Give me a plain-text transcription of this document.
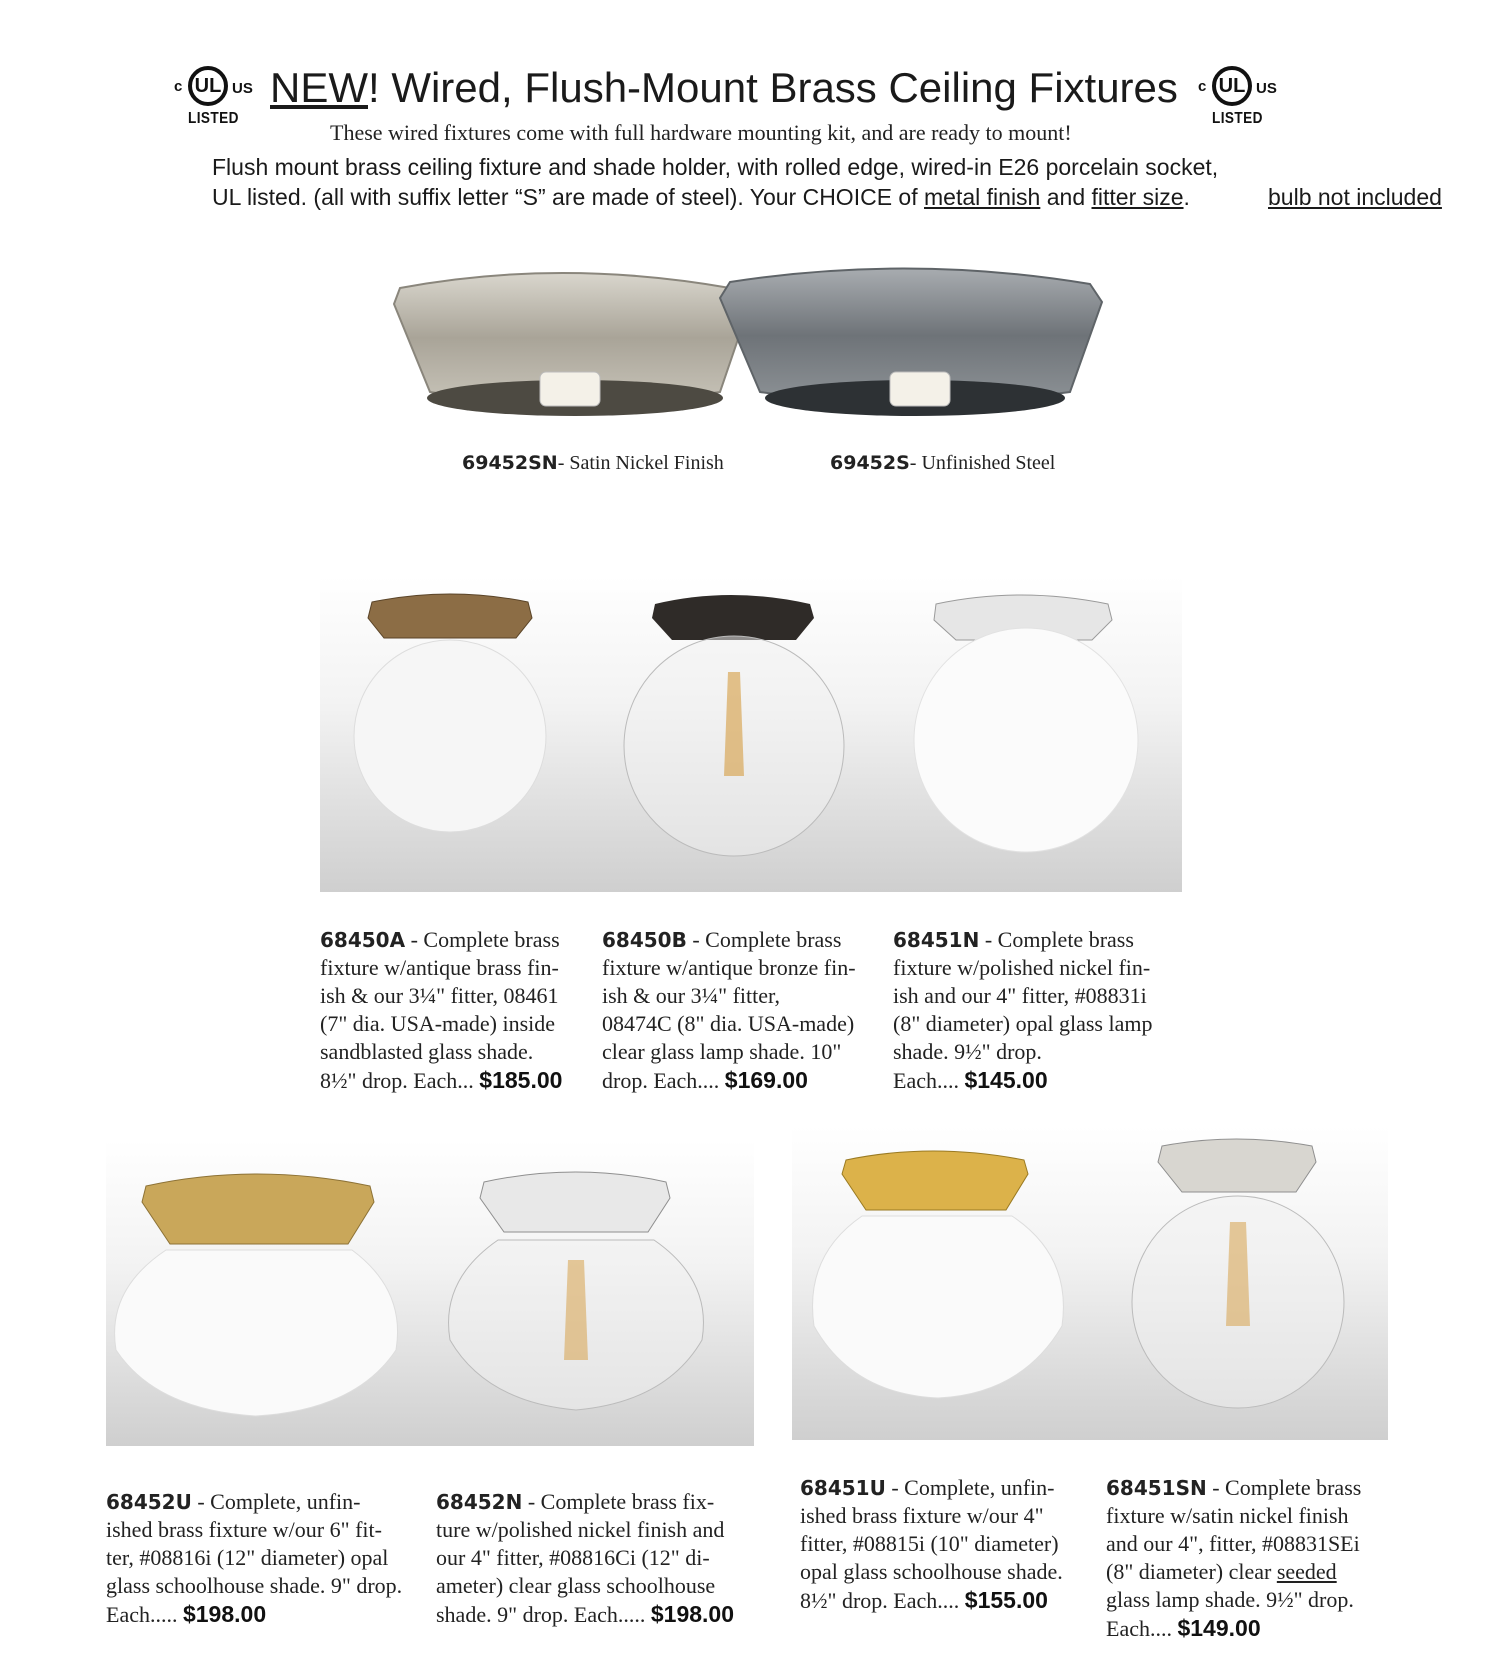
c UL US
LISTED
c UL US
LISTED
NEW! Wired, Flush-Mount Brass Ceiling Fixtures
These wired fixtures come with full hardware mounting kit, and are ready to mount!
Flush mount brass ceiling fixture and shade holder, with rolled edge, wired-in E26 porcelain socket,
UL listed. (all with suffix letter “S” are made of steel). Your CHOICE of metal finish and fitter size.	bulb not included
69452SN- Satin Nickel Finish	69452S- Unfinished Steel

68450A - Complete brass
fixture w/antique brass fin-
ish & our 3¼" fitter, 08461
(7" dia. USA-made) inside
sandblasted glass shade.
8½" drop. Each... $185.00

68450B - Complete brass
fixture w/antique bronze fin-
ish & our 3¼" fitter,
08474C (8" dia. USA-made)
clear glass lamp shade. 10"
drop. Each.... $169.00

68451N - Complete brass
fixture w/polished nickel fin-
ish and our 4" fitter, #08831i
(8" diameter) opal glass lamp
shade. 9½" drop.
Each.... $145.00

68452U - Complete, unfin-
ished brass fixture w/our 6" fit-
ter, #08816i (12" diameter) opal
glass schoolhouse shade. 9" drop.
Each..... $198.00

68452N - Complete brass fix-
ture w/polished nickel finish and
our 4" fitter, #08816Ci (12" di-
ameter) clear glass schoolhouse
shade. 9" drop. Each..... $198.00

68451U - Complete, unfin-
ished brass fixture w/our 4"
fitter, #08815i (10" diameter)
opal glass schoolhouse shade.
8½" drop. Each.... $155.00

68451SN - Complete brass
fixture w/satin nickel finish
and our 4", fitter, #08831SEi
(8" diameter) clear seeded
glass lamp shade. 9½" drop.
Each.... $149.00
